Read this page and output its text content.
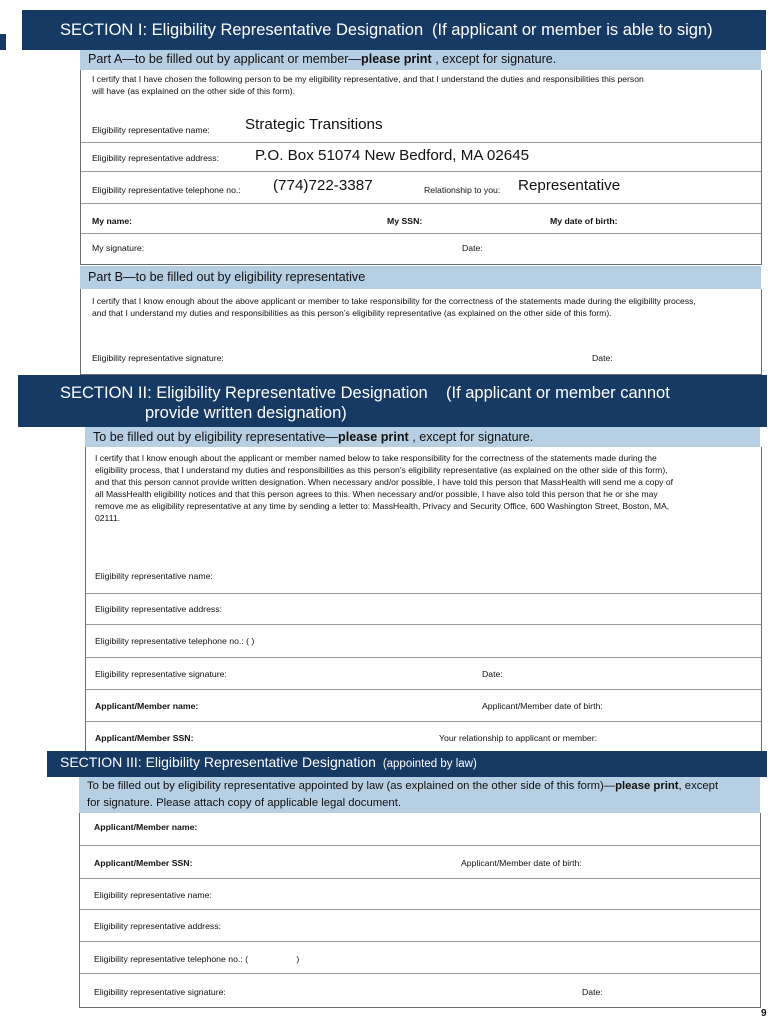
SECTION I: Eligibility Representative Designation (If applicant or member is able to sign)
Part A—to be filled out by applicant or member—please print , except for signature.
I certify that I have chosen the following person to be my eligibility representative, and that I understand the duties and responsibilities this person will have (as explained on the other side of this form).
Eligibility representative name: Strategic Transitions
Eligibility representative address: P.O. Box 51074 New Bedford, MA 02645
Eligibility representative telephone no.: (774)722-3387	Relationship to you: Representative
My name:	My SSN:	My date of birth:
My signature:	Date:
Part B—to be filled out by eligibility representative
I certify that I know enough about the above applicant or member to take responsibility for the correctness of the statements made during the eligibility process, and that I understand my duties and responsibilities as this person’s eligibility representative (as explained on the other side of this form).
Eligibility representative signature:	Date:
SECTION II: Eligibility Representative Designation (If applicant or member cannot
provide written designation)
To be filled out by eligibility representative—please print , except for signature.
I certify that I know enough about the applicant or member named below to take responsibility for the correctness of the statements made during the eligibility process, that I understand my duties and responsibilities as this person’s eligibility representative (as explained on the other side of this form), and that this person cannot provide written designation. When necessary and/or possible, I have told this person that MassHealth will send me a copy of all MassHealth eligibility notices and that this person agrees to this. When necessary and/or possible, I have also told this person that he or she may remove me as eligibility representative at any time by sending a letter to: MassHealth, Privacy and Security Office, 600 Washington Street, Boston, MA, 02111.
Eligibility representative name:
Eligibility representative address:
Eligibility representative telephone no.: ( )
Eligibility representative signature:	Date:
Applicant/Member name:	Applicant/Member date of birth:
Applicant/Member SSN:	Your relationship to applicant or member:
SECTION III: Eligibility Representative Designation (appointed by law)
To be filled out by eligibility representative appointed by law (as explained on the other side of this form)—please print, except
for signature. Please attach copy of applicable legal document.
Applicant/Member name:
Applicant/Member SSN:	Applicant/Member date of birth:
Eligibility representative name:
Eligibility representative address:
Eligibility representative telephone no.: (                    )
Eligibility representative signature:	Date:
9
